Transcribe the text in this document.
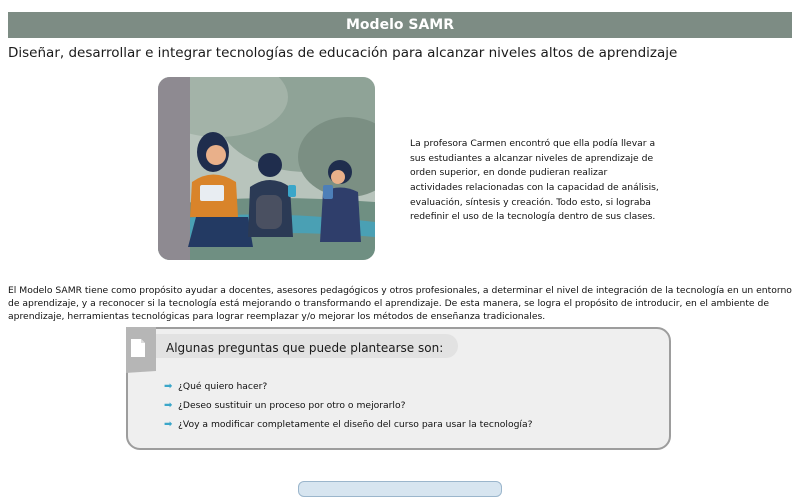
Modelo SAMR
Diseñar, desarrollar e integrar tecnologías de educación para alcanzar niveles altos de aprendizaje

La profesora Carmen encontró que ella podía llevar a sus estudiantes a alcanzar niveles de aprendizaje de orden superior, en donde pudieran realizar actividades relacionadas con la capacidad de análisis, evaluación, síntesis y creación. Todo esto, si lograba redefinir el uso de la tecnología dentro de sus clases.

El Modelo SAMR tiene como propósito ayudar a docentes, asesores pedagógicos y otros profesionales, a determinar el nivel de integración de la tecnología en un entorno de aprendizaje, y a reconocer si la tecnología está mejorando o transformando el aprendizaje. De esta manera, se logra el propósito de introducir, en el ambiente de aprendizaje, herramientas tecnológicas para lograr reemplazar y/o mejorar los métodos de enseñanza tradicionales.

Algunas preguntas que puede plantearse son:
➡ ¿Qué quiero hacer?
➡ ¿Deseo sustituir un proceso por otro o mejorarlo?
➡ ¿Voy a modificar completamente el diseño del curso para usar la tecnología?
